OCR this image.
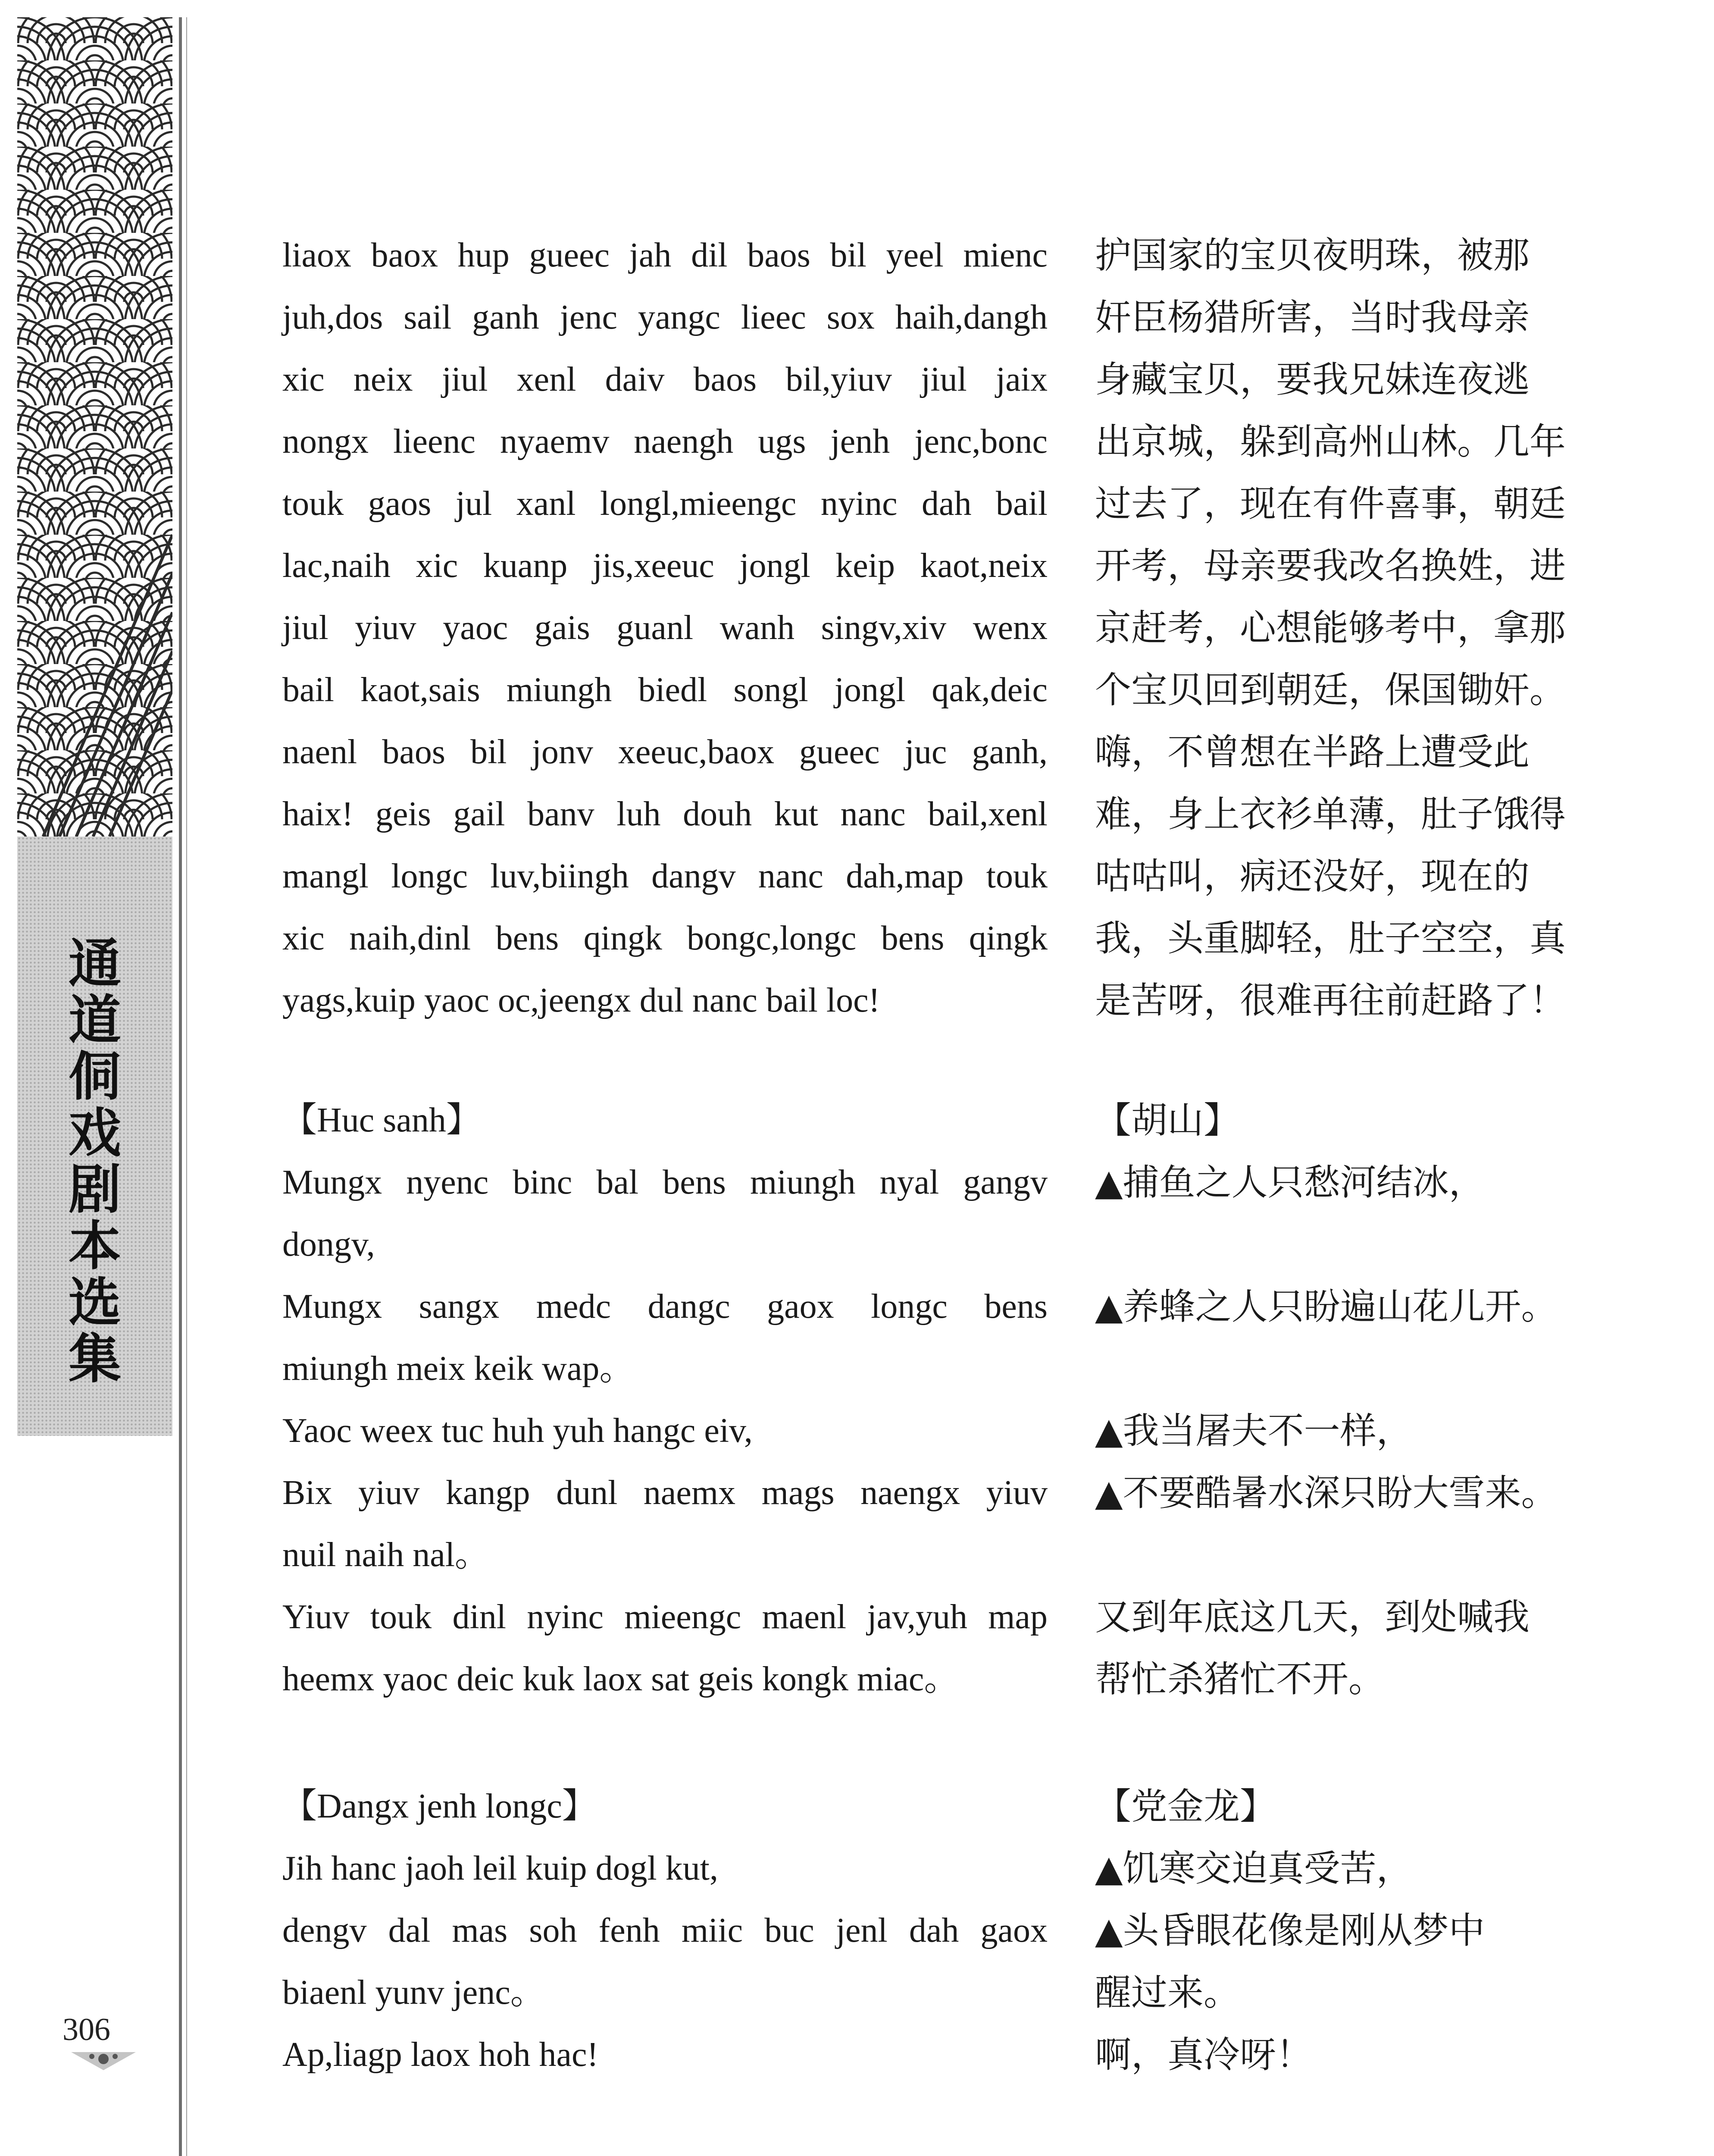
通
道
侗
戏
剧
本
选
集
306
liaox baox hup gueec jah dil baos bil yeel mienc
juh,dos sail ganh jenc yangc lieec sox haih,dangh
xic neix jiul xenl daiv baos bil,yiuv jiul jaix
nongx lieenc nyaemv naengh ugs jenh jenc,bonc
touk gaos jul xanl longl,mieengc nyinc dah bail
lac,naih xic kuanp jis,xeeuc jongl keip kaot,neix
jiul yiuv yaoc gais guanl wanh singv,xiv wenx
bail kaot,sais miungh biedl songl jongl qak,deic
naenl baos bil jonv xeeuc,baox gueec juc ganh,
haix! geis gail banv luh douh kut nanc bail,xenl
mangl longc luv,biingh dangv nanc dah,map touk
xic naih,dinl bens qingk bongc,longc bens qingk
yags,kuip yaoc oc,jeengx dul nanc bail loc!
【Huc sanh】
Mungx nyenc binc bal bens miungh nyal gangv
dongv,
Mungx sangx medc dangc gaox longc bens
miungh meix keik wap。
Yaoc weex tuc huh yuh hangc eiv,
Bix yiuv kangp dunl naemx mags naengx yiuv
nuil naih nal。
Yiuv touk dinl nyinc mieengc maenl jav,yuh map
heemx yaoc deic kuk laox sat geis kongk miac。
【Dangx jenh longc】
Jih hanc jaoh leil kuip dogl kut,
dengv dal mas soh fenh miic buc jenl dah gaox
biaenl yunv jenc。
Ap,liagp laox hoh hac!
护国家的宝贝夜明珠，被那
奸臣杨猎所害，当时我母亲
身藏宝贝，要我兄妹连夜逃
出京城，躲到高州山林。几年
过去了，现在有件喜事，朝廷
开考，母亲要我改名换姓，进
京赶考，心想能够考中，拿那
个宝贝回到朝廷，保国锄奸。
嗨，不曾想在半路上遭受此
难，身上衣衫单薄，肚子饿得
咕咕叫，病还没好，现在的
我，头重脚轻，肚子空空，真
是苦呀，很难再往前赶路了！
【胡山】
▲捕鱼之人只愁河结冰，
▲养蜂之人只盼遍山花儿开。
▲我当屠夫不一样，
▲不要酷暑水深只盼大雪来。
又到年底这几天，到处喊我
帮忙杀猪忙不开。
【党金龙】
▲饥寒交迫真受苦，
▲头昏眼花像是刚从梦中
醒过来。
啊，真冷呀！
